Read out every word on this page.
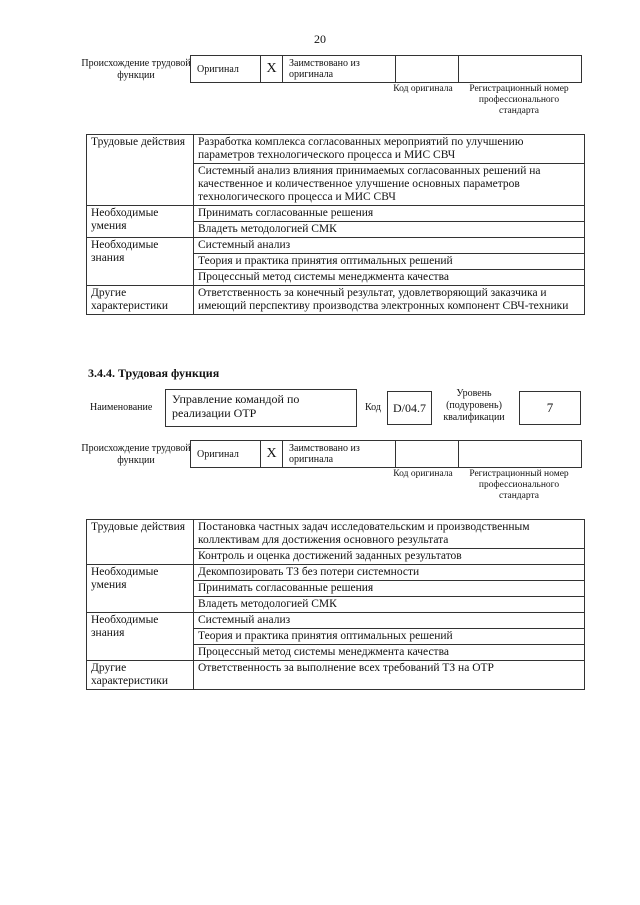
20
Происхождение трудовой функции
Оригинал	X	Заимствовано из оригинала
Код оригинала	Регистрационный номер профессионального стандарта
Трудовые действия	Разработка комплекса согласованных мероприятий по улучшению параметров технологического процесса и МИС СВЧ
	Системный анализ влияния принимаемых согласованных решений на качественное и количественное улучшение основных параметров технологического процесса и МИС СВЧ
Необходимые умения	Принимать согласованные решения
	Владеть методологией СМК
Необходимые знания	Системный анализ
	Теория и практика принятия оптимальных решений
	Процессный метод системы менеджмента качества
Другие характеристики	Ответственность за конечный результат, удовлетворяющий заказчика и имеющий перспективу производства электронных компонент СВЧ-техники
3.4.4. Трудовая функция
Наименование
Управление командой по реализации ОТР	Код	D/04.7
Уровень (подуровень) квалификации
7
Происхождение трудовой функции
Оригинал	X	Заимствовано из оригинала
Код оригинала	Регистрационный номер профессионального стандарта
Трудовые действия	Постановка частных задач исследовательским и производственным коллективам для достижения основного результата
	Контроль и оценка достижений заданных результатов
Необходимые умения	Декомпозировать ТЗ без потери системности
	Принимать согласованные решения
	Владеть методологией СМК
Необходимые знания	Системный анализ
	Теория и практика принятия оптимальных решений
	Процессный метод системы менеджмента качества
Другие характеристики	Ответственность за выполнение всех требований ТЗ на ОТР
